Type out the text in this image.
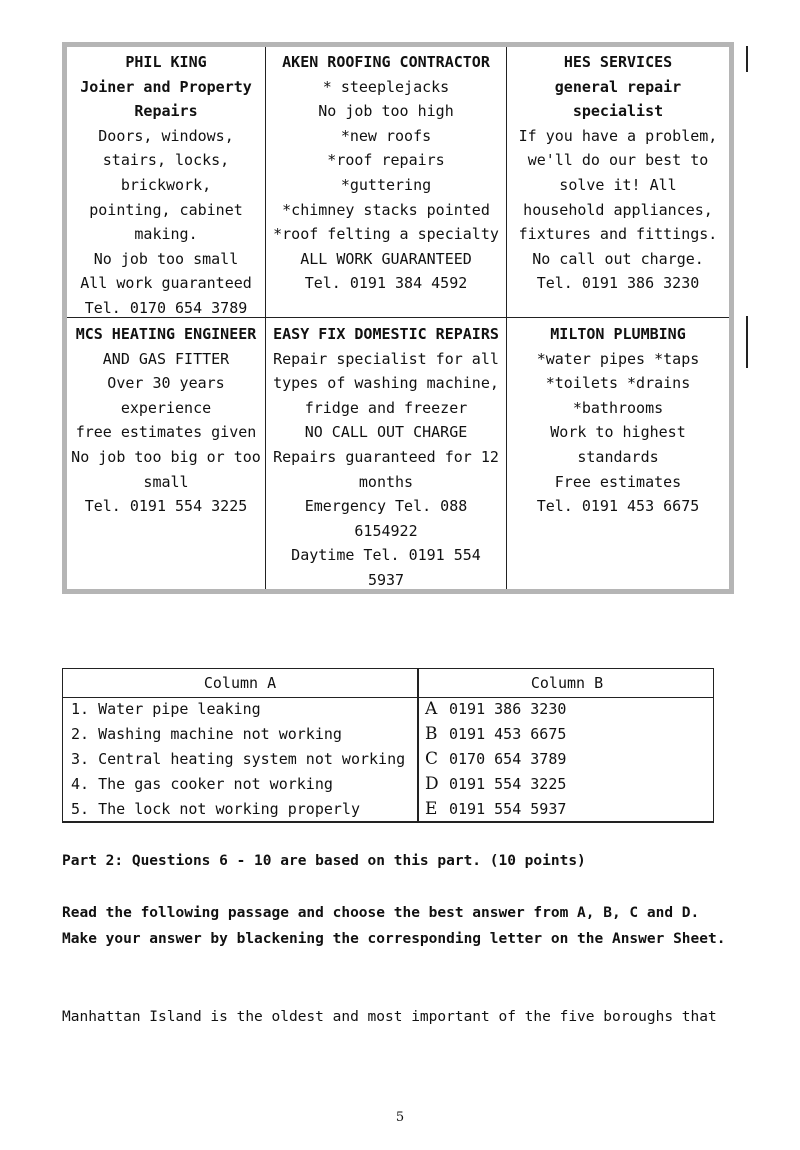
PHIL KING
Joiner and Property
Repairs
Doors, windows,
stairs, locks,
brickwork,
pointing, cabinet
making.
No job too small
All work guaranteed
Tel. 0170 654 3789
AKEN ROOFING CONTRACTOR
* steeplejacks
No job too high
*new roofs
*roof repairs
*guttering
*chimney stacks pointed
*roof felting a specialty
ALL WORK GUARANTEED
Tel. 0191 384 4592
HES SERVICES
general repair
specialist
If you have a problem,
we'll do our best to
solve it! All
household appliances,
fixtures and fittings.
No call out charge.
Tel. 0191 386 3230
MCS HEATING ENGINEER
AND GAS FITTER
Over 30 years
experience
free estimates given
No job too big or too
small
Tel. 0191 554 3225
EASY FIX DOMESTIC REPAIRS
Repair specialist for all
types of washing machine,
fridge and freezer
NO CALL OUT CHARGE
Repairs guaranteed for 12
months
Emergency Tel. 088
6154922
Daytime Tel. 0191 554
5937
MILTON PLUMBING
*water pipes *taps
*toilets *drains
*bathrooms
Work to highest
standards
Free estimates
Tel. 0191 453 6675
Column A	Column B
1. Water pipe leaking
2. Washing machine not working
3. Central heating system not working
4. The gas cooker not working
5. The lock not working properly
A 0191 386 3230
B 0191 453 6675
C 0170 654 3789
D 0191 554 3225
E 0191 554 5937
Part 2: Questions 6 - 10 are based on this part. (10 points)
Read the following passage and choose the best answer from A, B, C and D. Make your answer by blackening the corresponding letter on the Answer Sheet.
Manhattan Island is the oldest and most important of the five boroughs that
5
